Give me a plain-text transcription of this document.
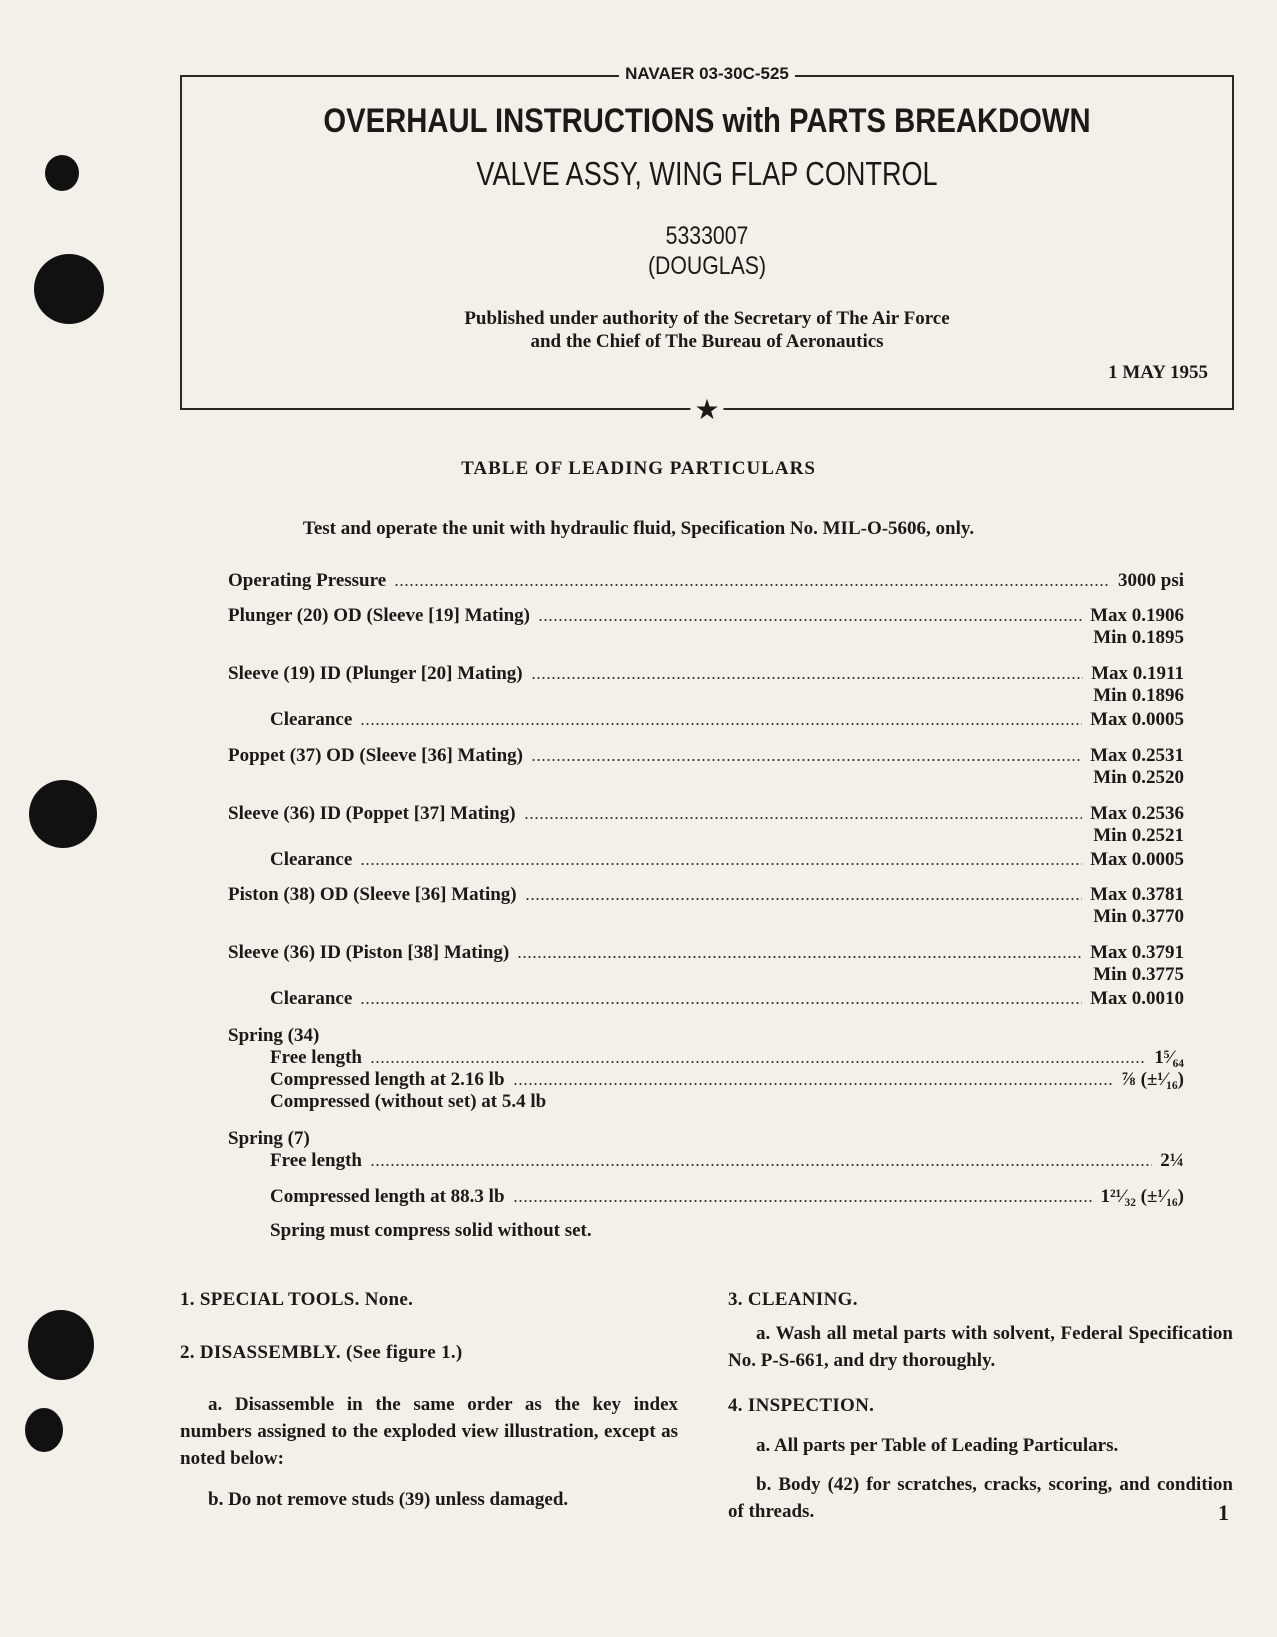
NAVAER 03-30C-525
OVERHAUL INSTRUCTIONS with PARTS BREAKDOWN
VALVE ASSY, WING FLAP CONTROL
5333007
(DOUGLAS)
Published under authority of the Secretary of The Air Force
and the Chief of The Bureau of Aeronautics
1 MAY 1955
★
TABLE OF LEADING PARTICULARS
Test and operate the unit with hydraulic fluid, Specification No. MIL-O-5606, only.
Operating Pressure	3000 psi
Plunger (20) OD (Sleeve [19] Mating)	Max 0.1906
Min 0.1895
Sleeve (19) ID (Plunger [20] Mating)	Max 0.1911
Min 0.1896
Clearance	Max 0.0005
Poppet (37) OD (Sleeve [36] Mating)	Max 0.2531
Min 0.2520
Sleeve (36) ID (Poppet [37] Mating)	Max 0.2536
Min 0.2521
Clearance	Max 0.0005
Piston (38) OD (Sleeve [36] Mating)	Max 0.3781
Min 0.3770
Sleeve (36) ID (Piston [38] Mating)	Max 0.3791
Min 0.3775
Clearance	Max 0.0010
Spring (34)
Free length	1⁵⁄₆₄
Compressed length at 2.16 lb	⅞ (±¹⁄₁₆)
Compressed (without set) at 5.4 lb
Spring (7)
Free length	2¼
Compressed length at 88.3 lb	1²¹⁄₃₂ (±¹⁄₁₆)
Spring must compress solid without set.
1. SPECIAL TOOLS. None.
2. DISASSEMBLY. (See figure 1.)
a. Disassemble in the same order as the key index numbers assigned to the exploded view illustration, except as noted below:
b. Do not remove studs (39) unless damaged.
3. CLEANING.
a. Wash all metal parts with solvent, Federal Specification No. P-S-661, and dry thoroughly.
4. INSPECTION.
a. All parts per Table of Leading Particulars.
b. Body (42) for scratches, cracks, scoring, and condition of threads.	1
